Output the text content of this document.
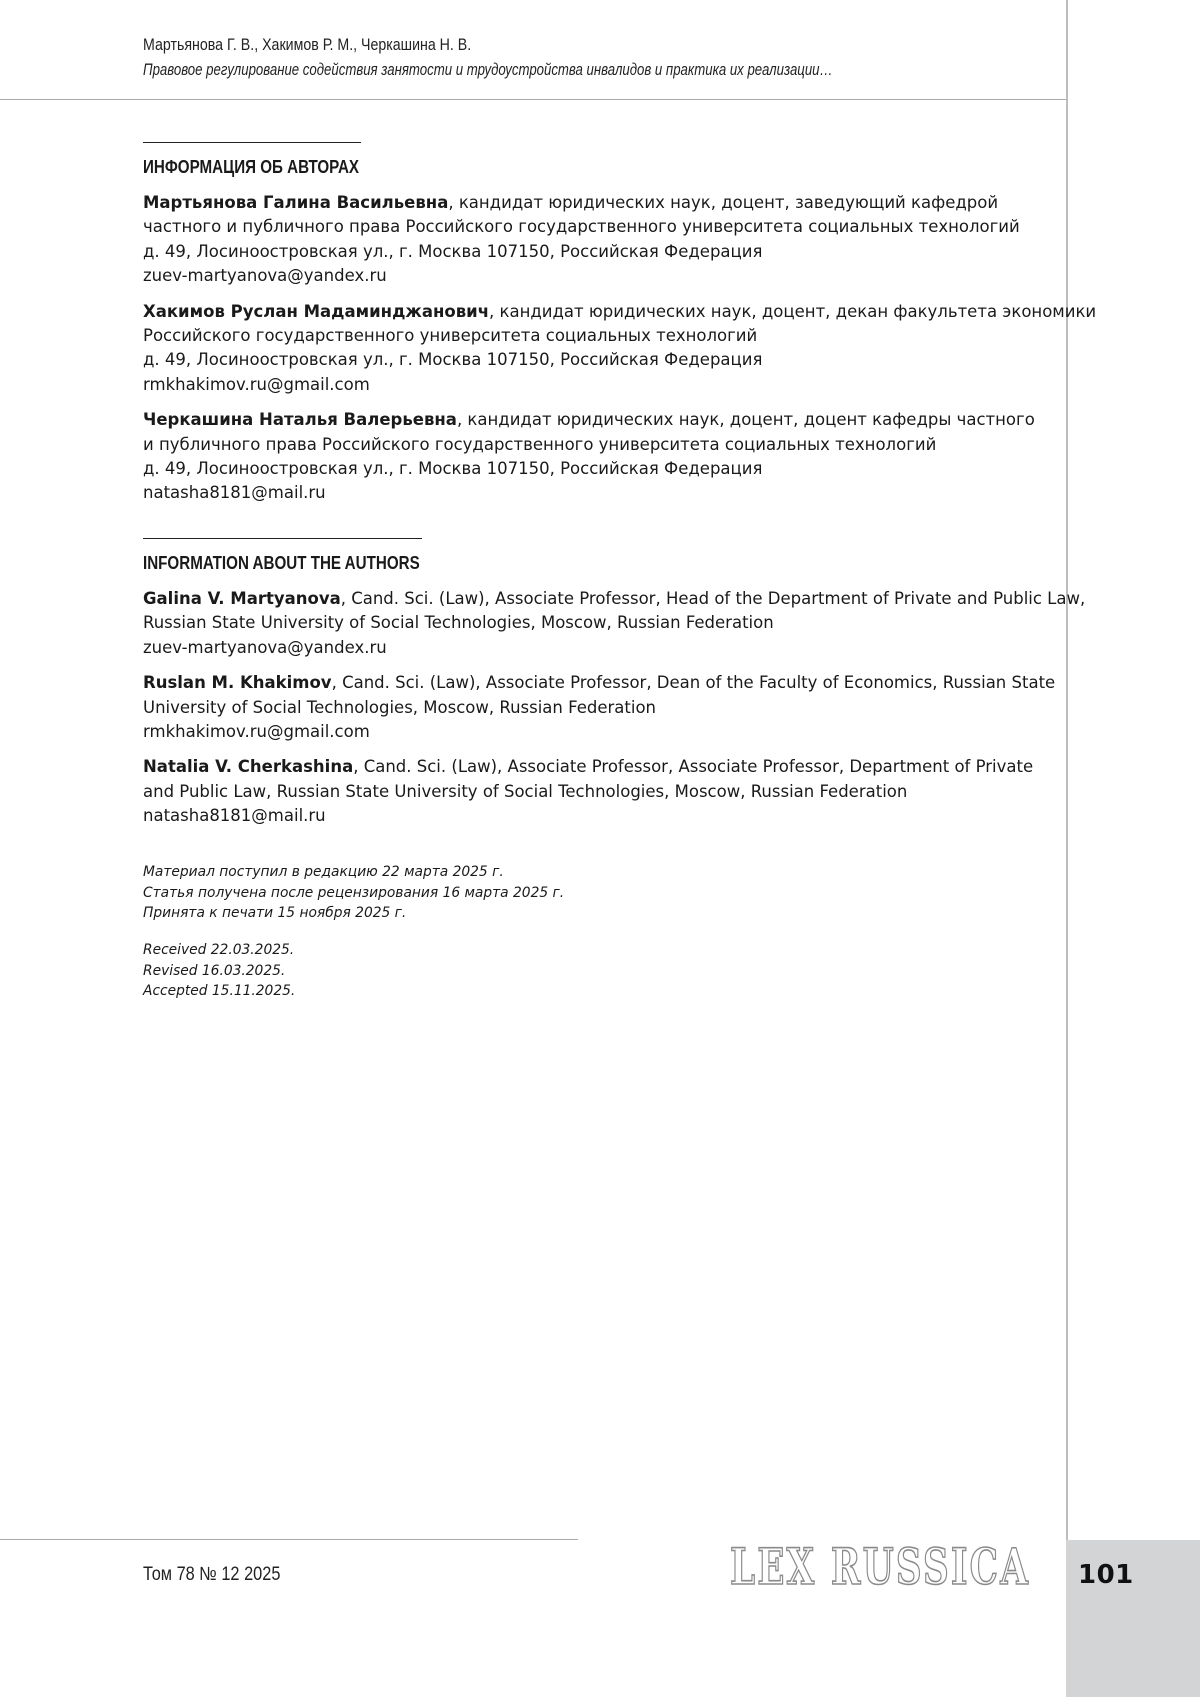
Мартьянова Г. В., Хакимов Р. М., Черкашина Н. В.
Правовое регулирование содействия занятости и трудоустройства инвалидов и практика их реализации…
ИНФОРМАЦИЯ ОБ АВТОРАХ

Мартьянова Галина Васильевна, кандидат юридических наук, доцент, заведующий кафедрой

частного и публичного права Российского государственного университета социальных технологий

д. 49, Лосиноостровская ул., г. Москва 107150, Российская Федерация

zuev-martyanova@yandex.ru

Хакимов Руслан Мадаминджанович, кандидат юридических наук, доцент, декан факультета экономики

Российского государственного университета социальных технологий

д. 49, Лосиноостровская ул., г. Москва 107150, Российская Федерация

rmkhakimov.ru@gmail.com

Черкашина Наталья Валерьевна, кандидат юридических наук, доцент, доцент кафедры частного

и публичного права Российского государственного университета социальных технологий

д. 49, Лосиноостровская ул., г. Москва 107150, Российская Федерация

natasha8181@mail.ru

INFORMATION ABOUT THE AUTHORS

Galina V. Martyanova, Cand. Sci. (Law), Associate Professor, Head of the Department of Private and Public Law,

Russian State University of Social Technologies, Moscow, Russian Federation

zuev-martyanova@yandex.ru

Ruslan M. Khakimov, Cand. Sci. (Law), Associate Professor, Dean of the Faculty of Economics, Russian State

University of Social Technologies, Moscow, Russian Federation

rmkhakimov.ru@gmail.com

Natalia V. Cherkashina, Cand. Sci. (Law), Associate Professor, Associate Professor, Department of Private

and Public Law, Russian State University of Social Technologies, Moscow, Russian Federation

natasha8181@mail.ru

Материал поступил в редакцию 22 марта 2025 г.

Статья получена после рецензирования 16 марта 2025 г.

Принята к печати 15 ноября 2025 г.

Received 22.03.2025.

Revised 16.03.2025.

Accepted 15.11.2025.

Том 78 № 12 2025	LEX RUSSICA 101
